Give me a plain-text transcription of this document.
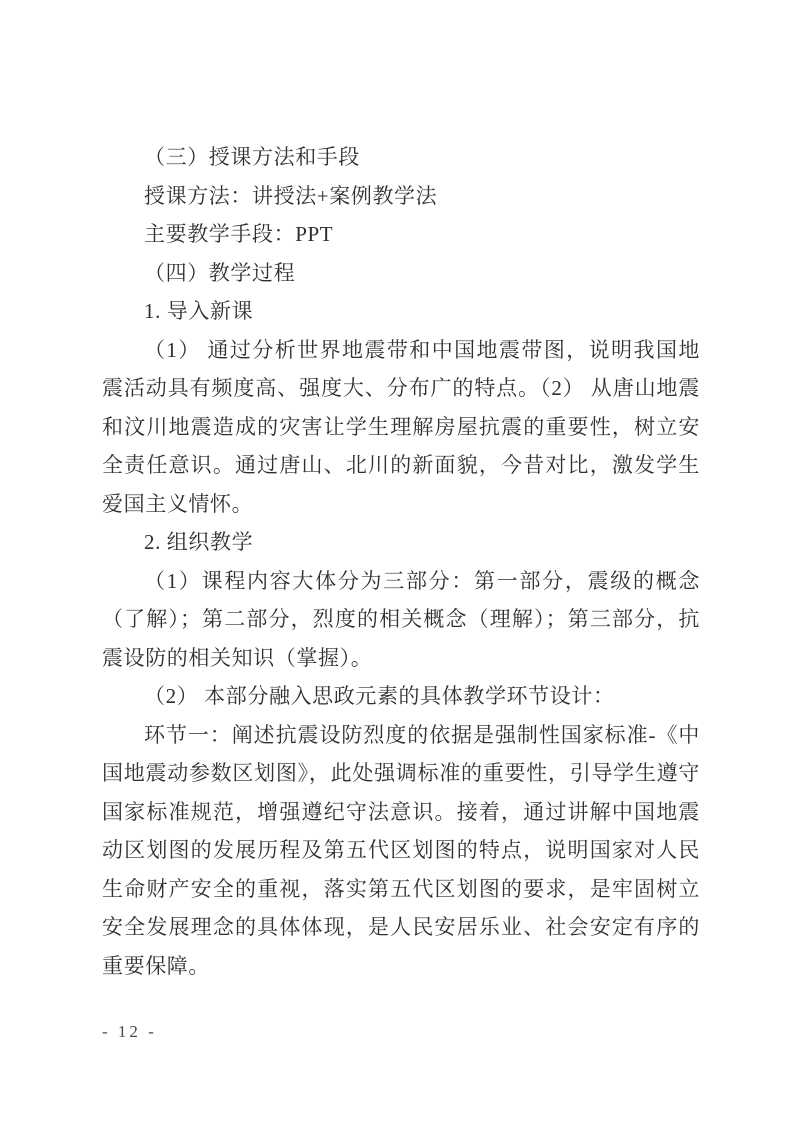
（三）授课方法和手段

授课方法：讲授法+案例教学法

主要教学手段：PPT

（四）教学过程

1. 导入新课

（1） 通过分析世界地震带和中国地震带图，说明我国地震活动具有频度高、强度大、分布广的特点。（2） 从唐山地震和汶川地震造成的灾害让学生理解房屋抗震的重要性，树立安全责任意识。通过唐山、北川的新面貌，今昔对比，激发学生爱国主义情怀。

2. 组织教学

（1）课程内容大体分为三部分：第一部分，震级的概念（了解）；第二部分，烈度的相关概念（理解）；第三部分，抗震设防的相关知识（掌握）。

（2） 本部分融入思政元素的具体教学环节设计：

环节一：阐述抗震设防烈度的依据是强制性国家标准-《中国地震动参数区划图》，此处强调标准的重要性，引导学生遵守国家标准规范，增强遵纪守法意识。接着，通过讲解中国地震动区划图的发展历程及第五代区划图的特点，说明国家对人民生命财产安全的重视，落实第五代区划图的要求，是牢固树立安全发展理念的具体体现，是人民安居乐业、社会安定有序的重要保障。

- 12 -
